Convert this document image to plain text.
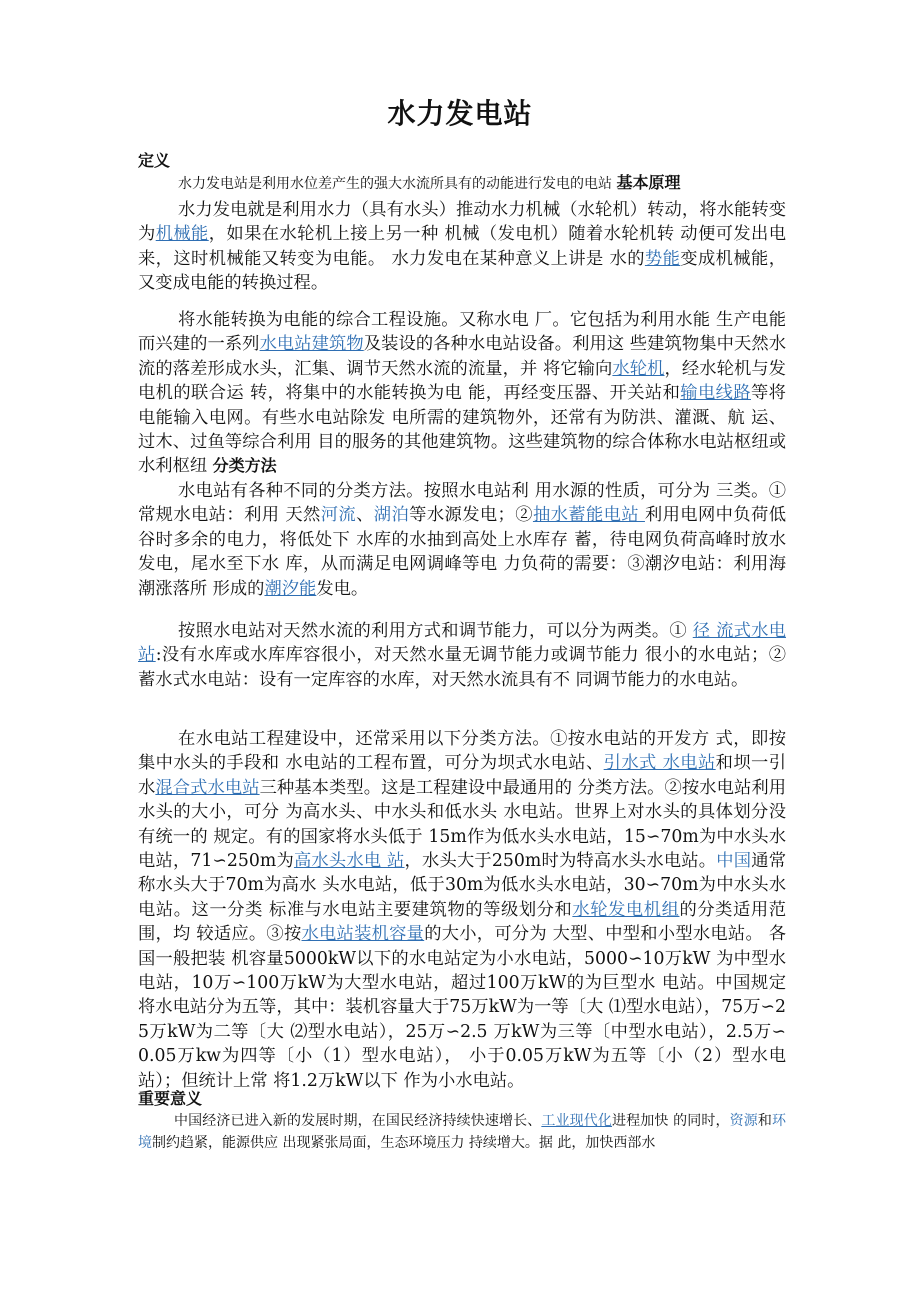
水力发电站
定义
水力发电站是利用水位差产生的强大水流所具有的动能进行发电的电站 基本原理
水力发电就是利用水力（具有水头）推动水力机械（水轮机）转动，将水能转变为机械能，如果在水轮机上接上另一种 机械（发电机）随着水轮机转 动便可发出电来，这时机械能又转变为电能。 水力发电在某种意义上讲是 水的势能变成机械能，又变成电能的转换过程。
将水能转换为电能的综合工程设施。又称水电 厂。它包括为利用水能 生产电能而兴建的一系列水电站建筑物及装设的各种水电站设备。利用这 些建筑物集中天然水流的落差形成水头，汇集、调节天然水流的流量，并 将它输向水轮机，经水轮机与发电机的联合运 转，将集中的水能转换为电 能，再经变压器、开关站和输电线路等将电能输入电网。有些水电站除发 电所需的建筑物外，还常有为防洪、灌溉、航 运、过木、过鱼等综合利用 目的服务的其他建筑物。这些建筑物的综合体称水电站枢纽或水利枢纽 分类方法
水电站有各种不同的分类方法。按照水电站利 用水源的性质，可分为 三类。①常规水电站：利用 天然河流、湖泊等水源发电；②抽水蓄能电站 利用电网中负荷低谷时多余的电力，将低处下 水库的水抽到高处上水库存 蓄，待电网负荷高峰时放水发电，尾水至下水 库，从而满足电网调峰等电 力负荷的需要：③潮汐电站：利用海潮涨落所 形成的潮汐能发电。
按照水电站对天然水流的利用方式和调节能力，可以分为两类。① 径 流式水电站:没有水库或水库库容很小，对天然水量无调节能力或调节能力 很小的水电站；②蓄水式水电站：设有一定库容的水库，对天然水流具有不 同调节能力的水电站。
在水电站工程建设中，还常采用以下分类方法。①按水电站的开发方 式，即按集中水头的手段和 水电站的工程布置，可分为坝式水电站、引水式 水电站和坝一引水混合式水电站三种基本类型。这是工程建设中最通用的 分类方法。②按水电站利用水头的大小，可分 为高水头、中水头和低水头 水电站。世界上对水头的具体划分没有统一的 规定。有的国家将水头低于 15m作为低水头水电站，15∽70m为中水头水电站，71∽250m为高水头水电 站，水头大于250m时为特高水头水电站。中国通常称水头大于70m为高水 头水电站，低于30m为低水头水电站，30∽70m为中水头水电站。这一分类 标准与水电站主要建筑物的等级划分和水轮发电机组的分类适用范围，均 较适应。③按水电站装机容量的大小，可分为 大型、中型和小型水电站。 各国一般把装 机容量5000kW以下的水电站定为小水电站，5000∽10万kW 为中型水电站，10万∽100万kW为大型水电站，超过100万kW的为巨型水 电站。中国规定将水电站分为五等，其中：装机容量大于75万kW为一等〔大 ⑴型水电站），75万∽25万kW为二等〔大 ⑵型水电站），25万∽2.5 万kW为三等〔中型水电站），2.5万∽0.05万kw为四等〔小（1）型水电站）， 小于0.05万kW为五等〔小（2）型水电站）；但统计上常 将1.2万kW以下 作为小水电站。
重要意义
中国经济已进入新的发展时期，在国民经济持续快速增长、工业现代化进程加快 的同时，资源和环境制约趋紧，能源供应 出现紧张局面，生态环境压力 持续增大。据 此，加快西部水
